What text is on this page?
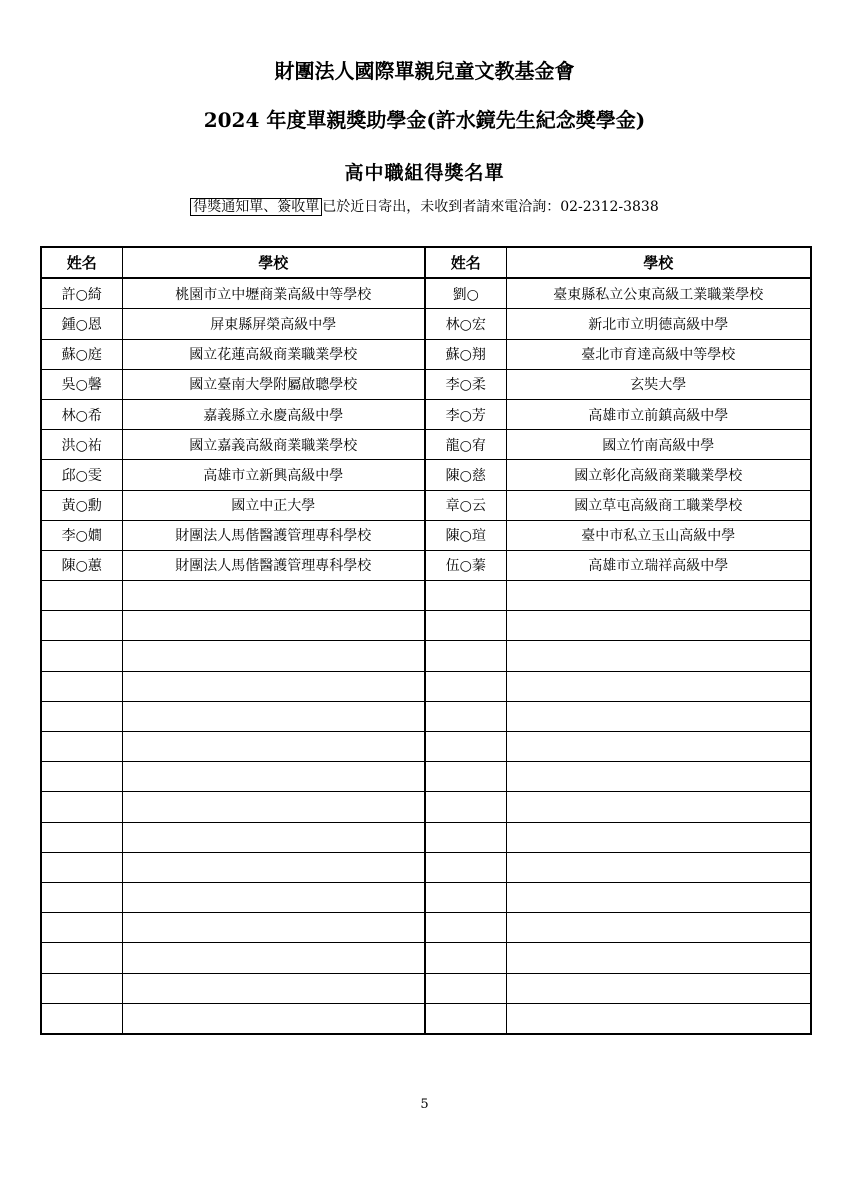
財團法人國際單親兒童文教基金會
2024 年度單親獎助學金(許水鏡先生紀念獎學金)
高中職組得獎名單
得獎通知單、簽收單 已於近日寄出，未收到者請來電洽詢：02-2312-3838
姓名	學校	姓名	學校
許○綺	桃園市立中壢商業高級中等學校	劉○	臺東縣私立公東高級工業職業學校
鍾○恩	屏東縣屏榮高級中學	林○宏	新北市立明德高級中學
蘇○庭	國立花蓮高級商業職業學校	蘇○翔	臺北市育達高級中等學校
吳○馨	國立臺南大學附屬啟聰學校	李○柔	玄奘大學
林○希	嘉義縣立永慶高級中學	李○芳	高雄市立前鎮高級中學
洪○祐	國立嘉義高級商業職業學校	龍○宥	國立竹南高級中學
邱○雯	高雄市立新興高級中學	陳○慈	國立彰化高級商業職業學校
黃○勳	國立中正大學	章○云	國立草屯高級商工職業學校
李○嫺	財團法人馬偕醫護管理專科學校	陳○瑄	臺中市私立玉山高級中學
陳○蕙	財團法人馬偕醫護管理專科學校	伍○蓁	高雄市立瑞祥高級中學

5
